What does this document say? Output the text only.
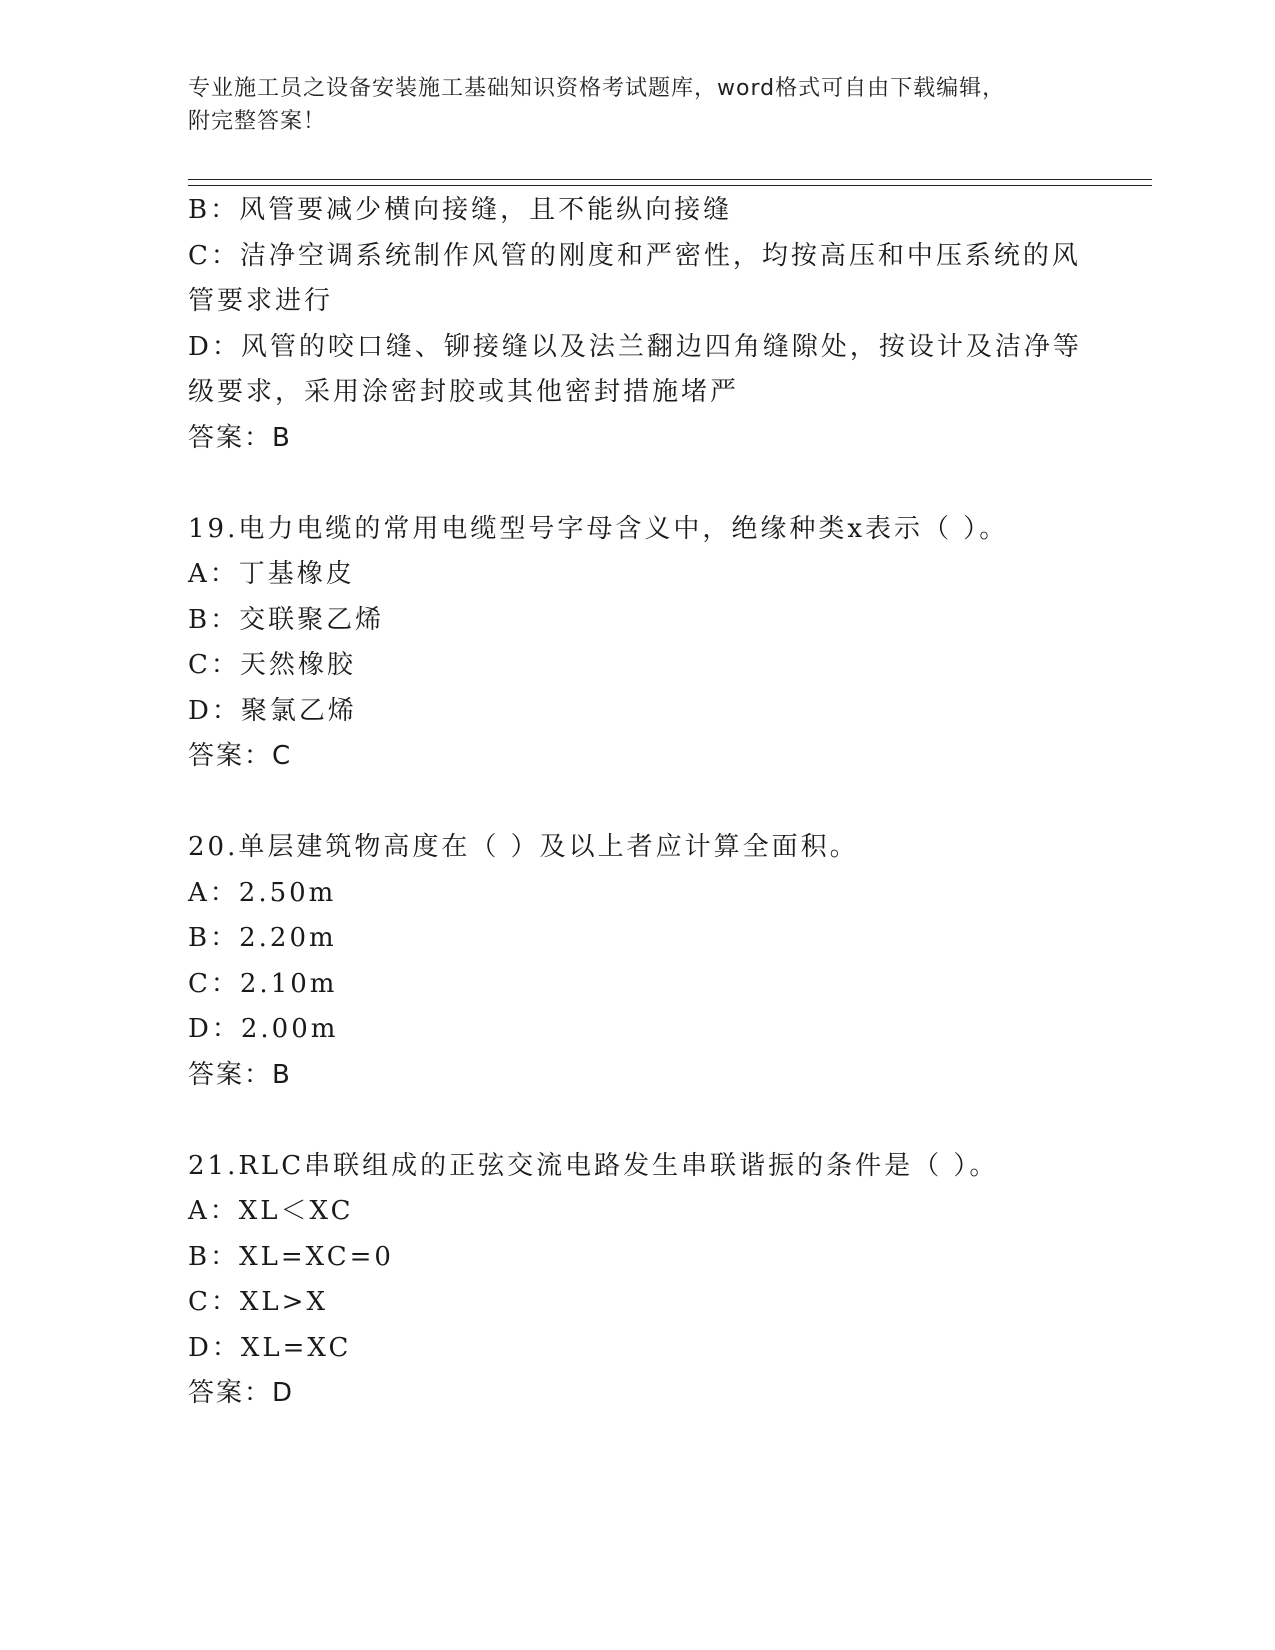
专业施工员之设备安装施工基础知识资格考试题库，word格式可自由下载编辑，
附完整答案！
B：风管要减少横向接缝，且不能纵向接缝
C：洁净空调系统制作风管的刚度和严密性，均按高压和中压系统的风
管要求进行
D：风管的咬口缝、铆接缝以及法兰翻边四角缝隙处，按设计及洁净等
级要求，采用涂密封胶或其他密封措施堵严
答案：B
19.电力电缆的常用电缆型号字母含义中，绝缘种类x表示（ ）。
A：丁基橡皮
B：交联聚乙烯
C：天然橡胶
D：聚氯乙烯
答案：C
20.单层建筑物高度在（ ）及以上者应计算全面积。
A：2.50m
B：2.20m
C：2.10m
D：2.00m
答案：B
21.RLC串联组成的正弦交流电路发生串联谐振的条件是（ ）。
A：XL＜XC
B：XL=XC=0
C：XL>X
D：XL=XC
答案：D
